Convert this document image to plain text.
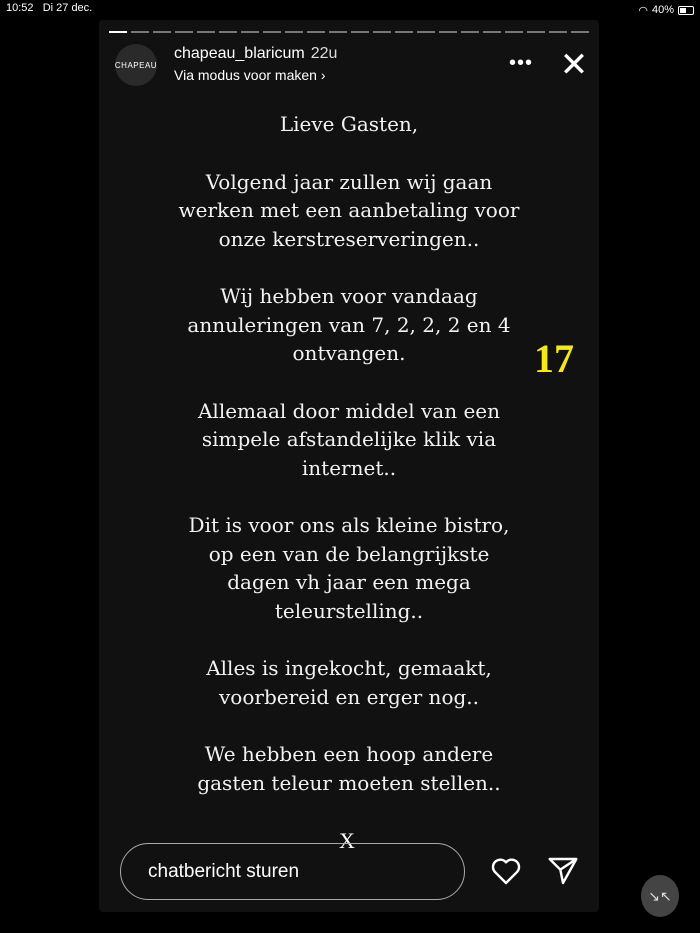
10:52 Di 27 dec.	◠ 40%
CHAPEAU
chapeau_blaricum 22u
Via modus voor maken ›
••• ✕

Lieve Gasten,

Volgend jaar zullen wij gaan
werken met een aanbetaling voor
onze kerstreserveringen..

Wij hebben voor vandaag
annuleringen van 7, 2, 2, 2 en 4
ontvangen.

Allemaal door middel van een
simpele afstandelijke klik via
internet..

Dit is voor ons als kleine bistro,
op een van de belangrijkste
dagen vh jaar een mega
teleurstelling..

Alles is ingekocht, gemaakt,
voorbereid en erger nog..

We hebben een hoop andere
gasten teleur moeten stellen..

17
X
chatbericht sturen
↘↖
